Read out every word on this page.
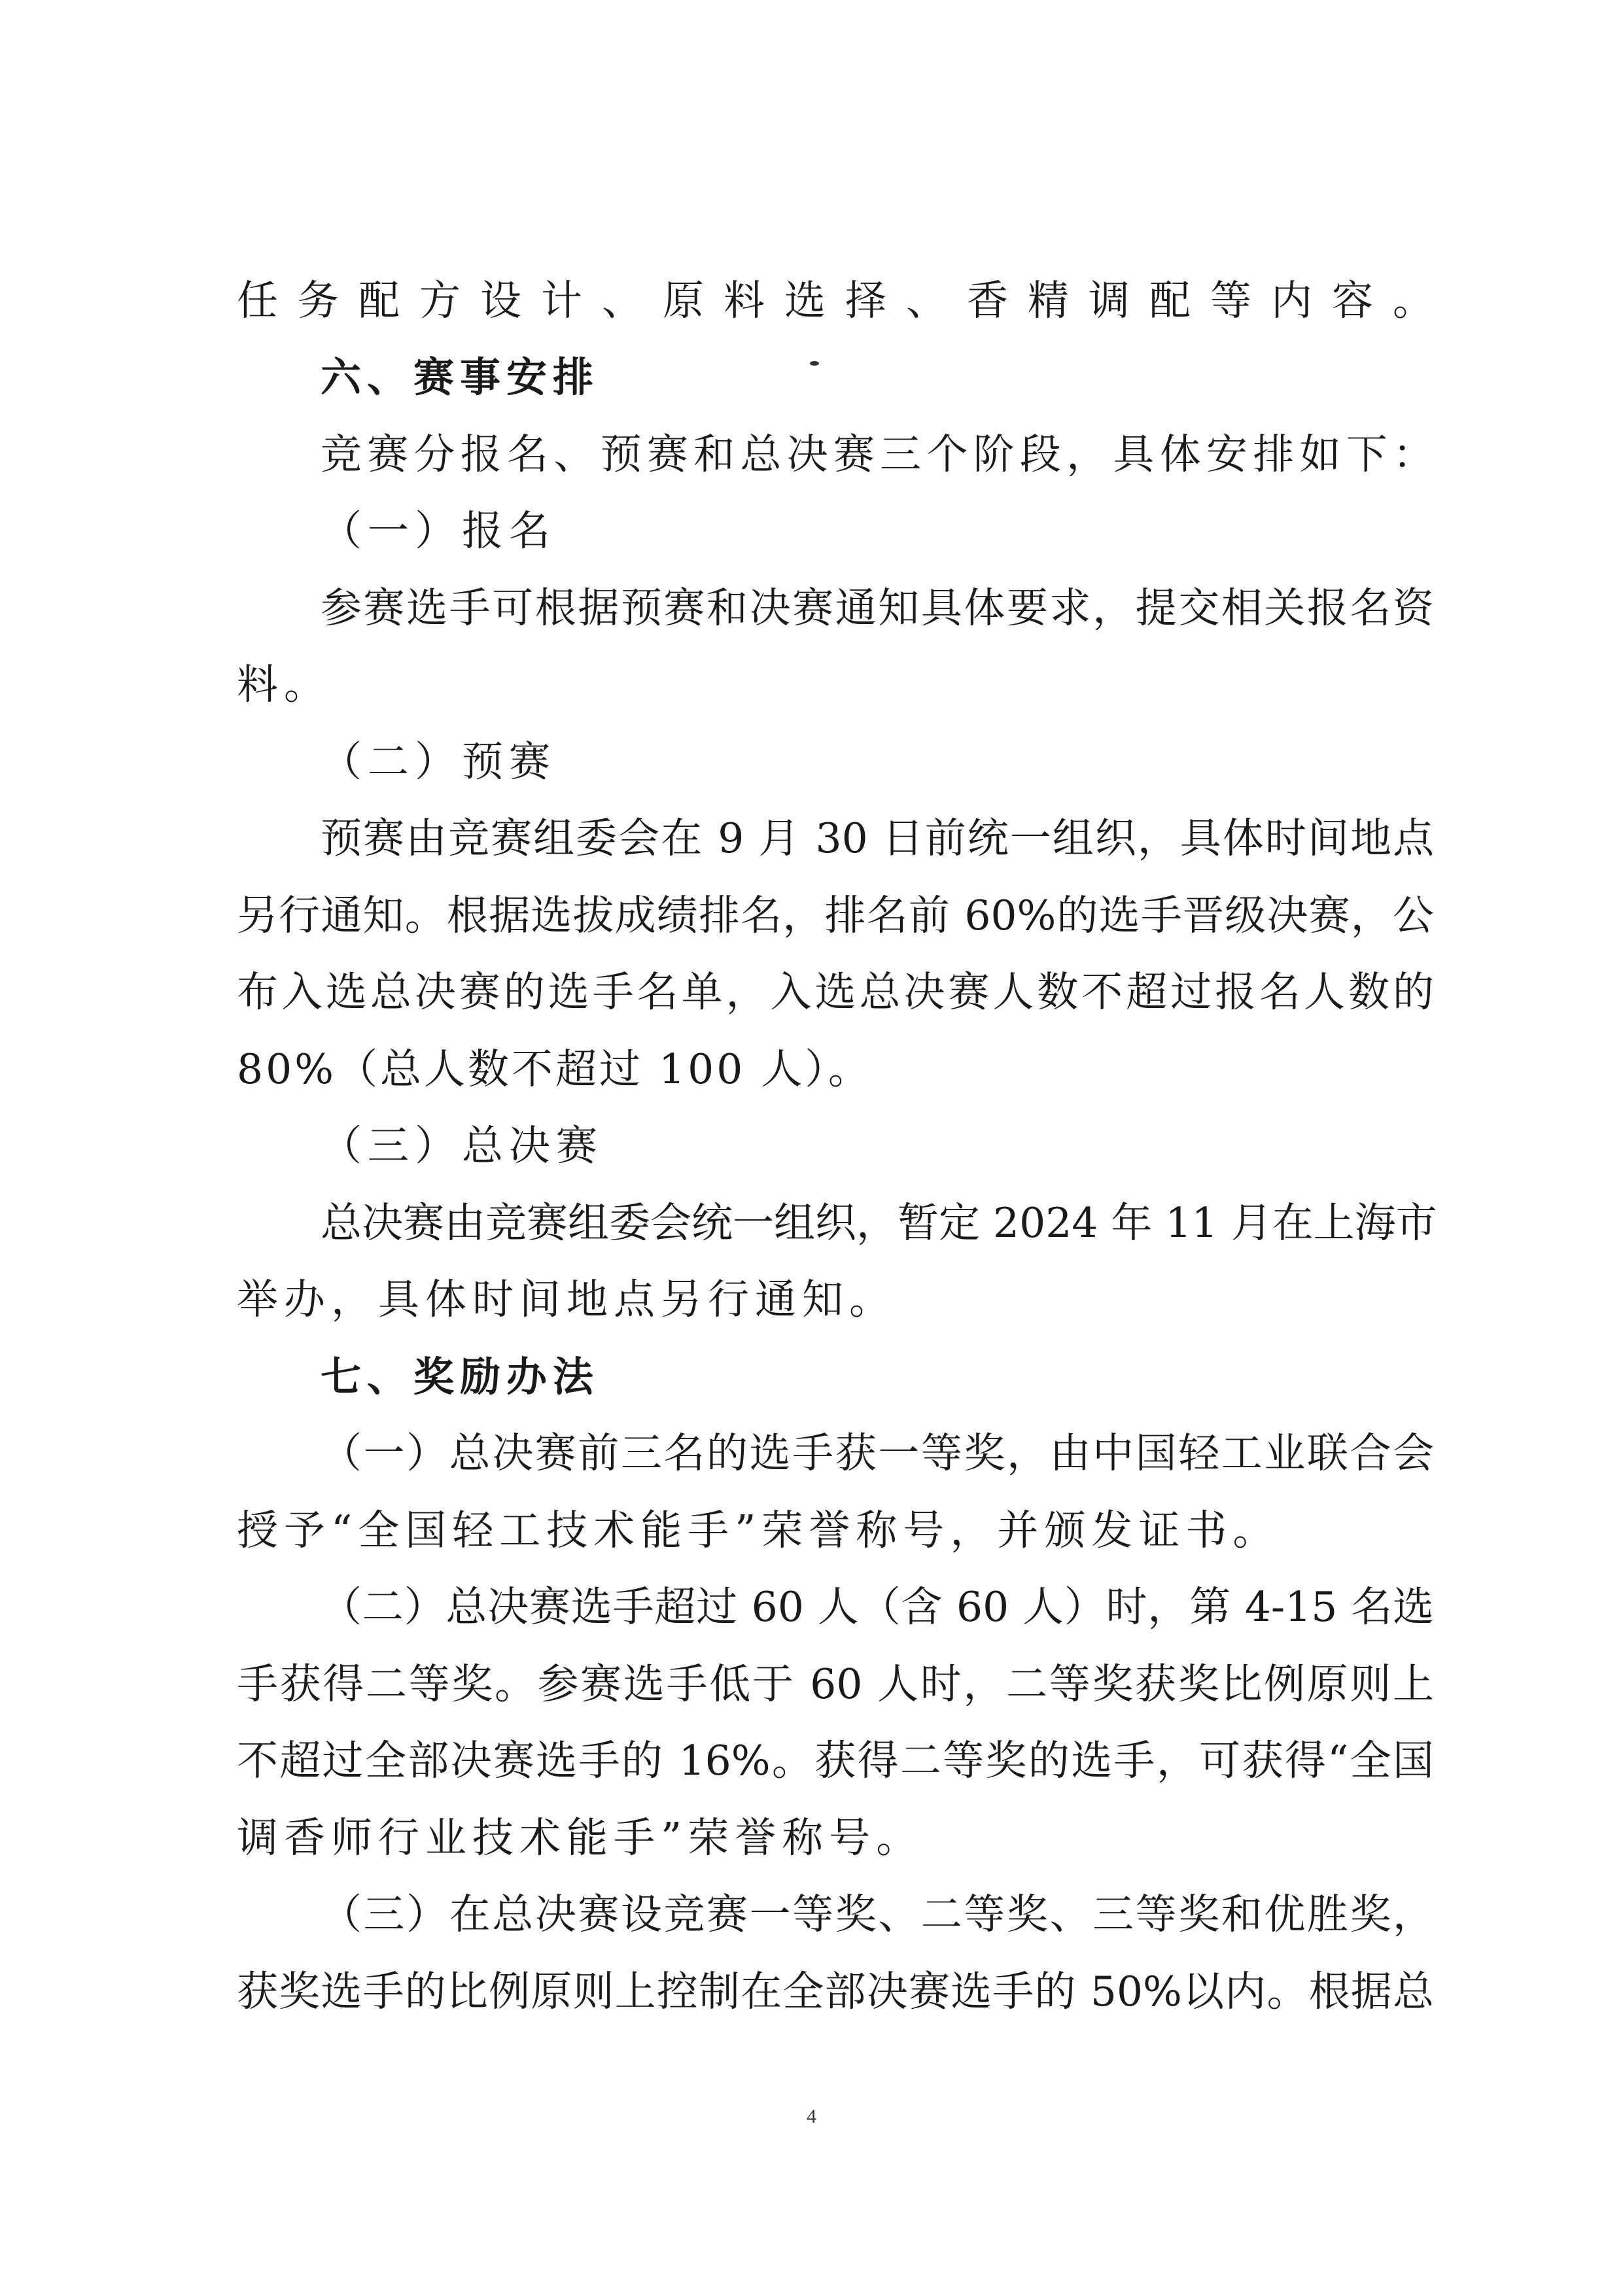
任务配方设计、原料选择、香精调配等内容。
六、赛事安排
竞赛分报名、预赛和总决赛三个阶段，具体安排如下：
（一）报名
参赛选手可根据预赛和决赛通知具体要求，提交相关报名资
料。
（二）预赛
预赛由竞赛组委会在 9 月 30 日前统一组织，具体时间地点
另行通知。根据选拔成绩排名，排名前 60%的选手晋级决赛，公
布入选总决赛的选手名单，入选总决赛人数不超过报名人数的
80%（总人数不超过 100 人）。
（三）总决赛
总决赛由竞赛组委会统一组织，暂定 2024 年 11 月在上海市
举办，具体时间地点另行通知。
七、奖励办法
（一）总决赛前三名的选手获一等奖，由中国轻工业联合会
授予“全国轻工技术能手”荣誉称号，并颁发证书。
（二）总决赛选手超过 60 人（含 60 人）时，第 4-15 名选
手获得二等奖。参赛选手低于 60 人时，二等奖获奖比例原则上
不超过全部决赛选手的 16%。获得二等奖的选手，可获得“全国
调香师行业技术能手”荣誉称号。
（三）在总决赛设竞赛一等奖、二等奖、三等奖和优胜奖，
获奖选手的比例原则上控制在全部决赛选手的 50%以内。根据总
4
